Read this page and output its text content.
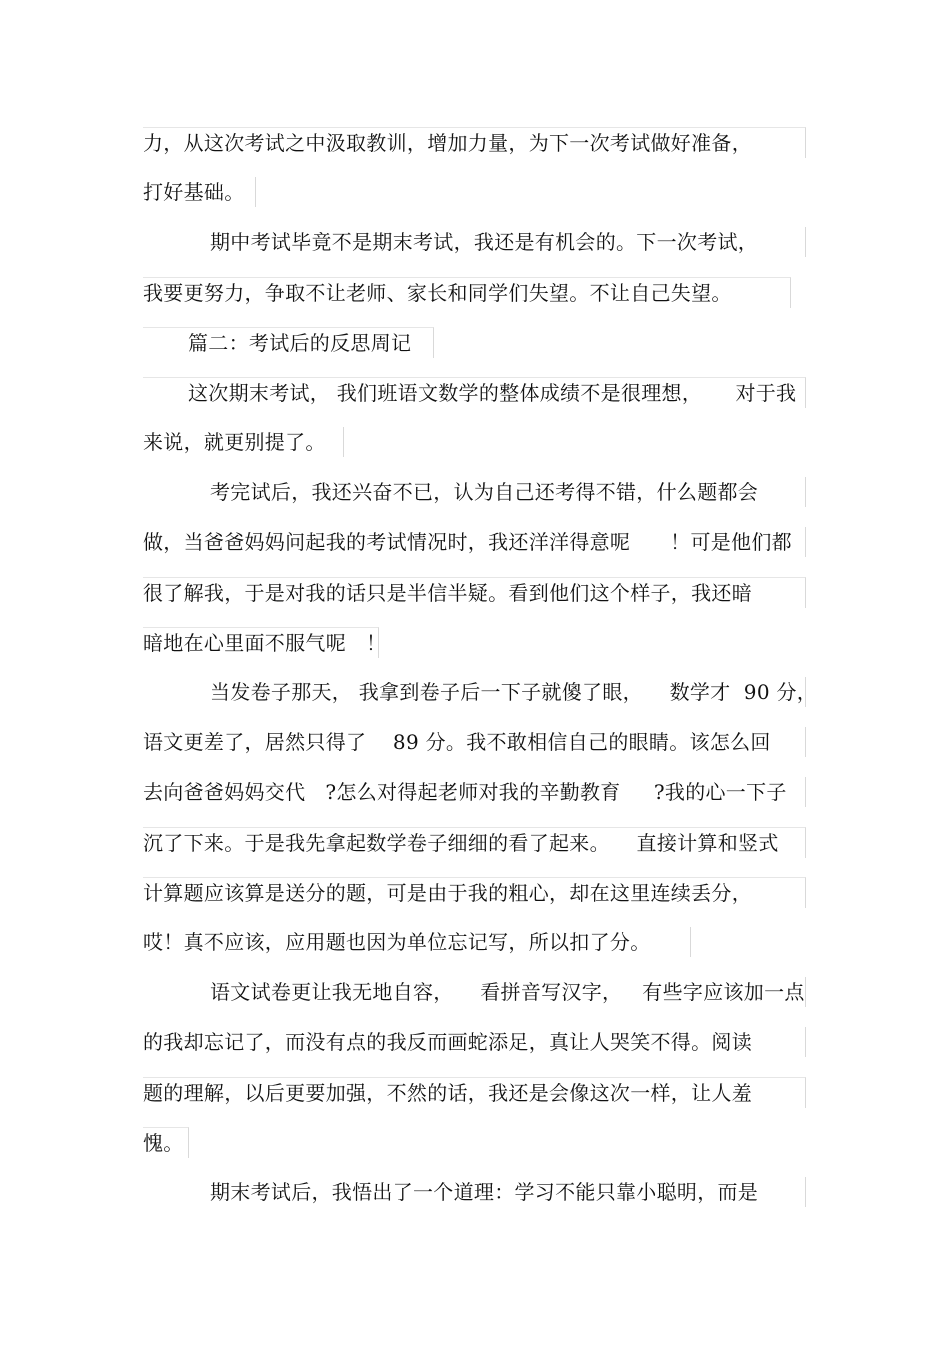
力，从这次考试之中汲取教训，增加力量，为下一次考试做好准备，
打好基础。
期中考试毕竟不是期末考试，我还是有机会的。下一次考试，
我要更努力，争取不让老师、家长和同学们失望。不让自己失望。

篇二：考试后的反思周记

这次期末考试， 我们班语文数学的整体成绩不是很理想，     对于我

来说，就更别提了。
考完试后，我还兴奋不已，认为自己还考得不错，什么题都会
做，当爸爸妈妈问起我的考试情况时，我还洋洋得意呢      ！可是他们都
很了解我，于是对我的话只是半信半疑。看到他们这个样子，我还暗
暗地在心里面不服气呢   ！
当发卷子那天， 我拿到卷子后一下子就傻了眼，    数学才  90 分，
语文更差了，居然只得了    89 分。我不敢相信自己的眼睛。该怎么回
去向爸爸妈妈交代   ?怎么对得起老师对我的辛勤教育     ?我的心一下子
沉了下来。于是我先拿起数学卷子细细的看了起来。    直接计算和竖式
计算题应该算是送分的题，可是由于我的粗心，却在这里连续丢分，
哎！真不应该，应用题也因为单位忘记写，所以扣了分。
语文试卷更让我无地自容，    看拼音写汉字，   有些字应该加一点
的我却忘记了，而没有点的我反而画蛇添足，真让人哭笑不得。阅读
题的理解，以后更要加强，不然的话，我还是会像这次一样，让人羞
愧。
期末考试后，我悟出了一个道理：学习不能只靠小聪明，而是
